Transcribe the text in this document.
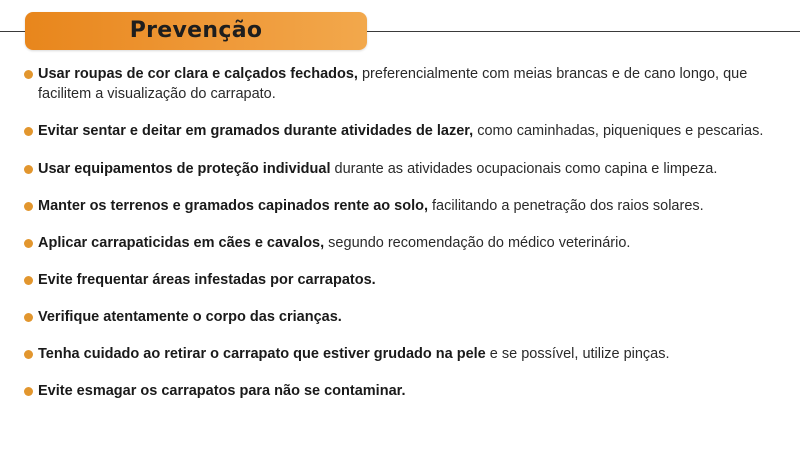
Prevenção
Usar roupas de cor clara e calçados fechados, preferencialmente com meias brancas e de cano longo, que facilitem a visualização do carrapato.
Evitar sentar e deitar em gramados durante atividades de lazer, como caminhadas, piqueniques e pescarias.
Usar equipamentos de proteção individual durante as atividades ocupacionais como capina e limpeza.
Manter os terrenos e gramados capinados rente ao solo, facilitando a penetração dos raios solares.
Aplicar carrapaticidas em cães e cavalos, segundo recomendação do médico veterinário.
Evite frequentar áreas infestadas por carrapatos.
Verifique atentamente o corpo das crianças.
Tenha cuidado ao retirar o carrapato que estiver grudado na pele e se possível, utilize pinças.
Evite esmagar os carrapatos para não se contaminar.
